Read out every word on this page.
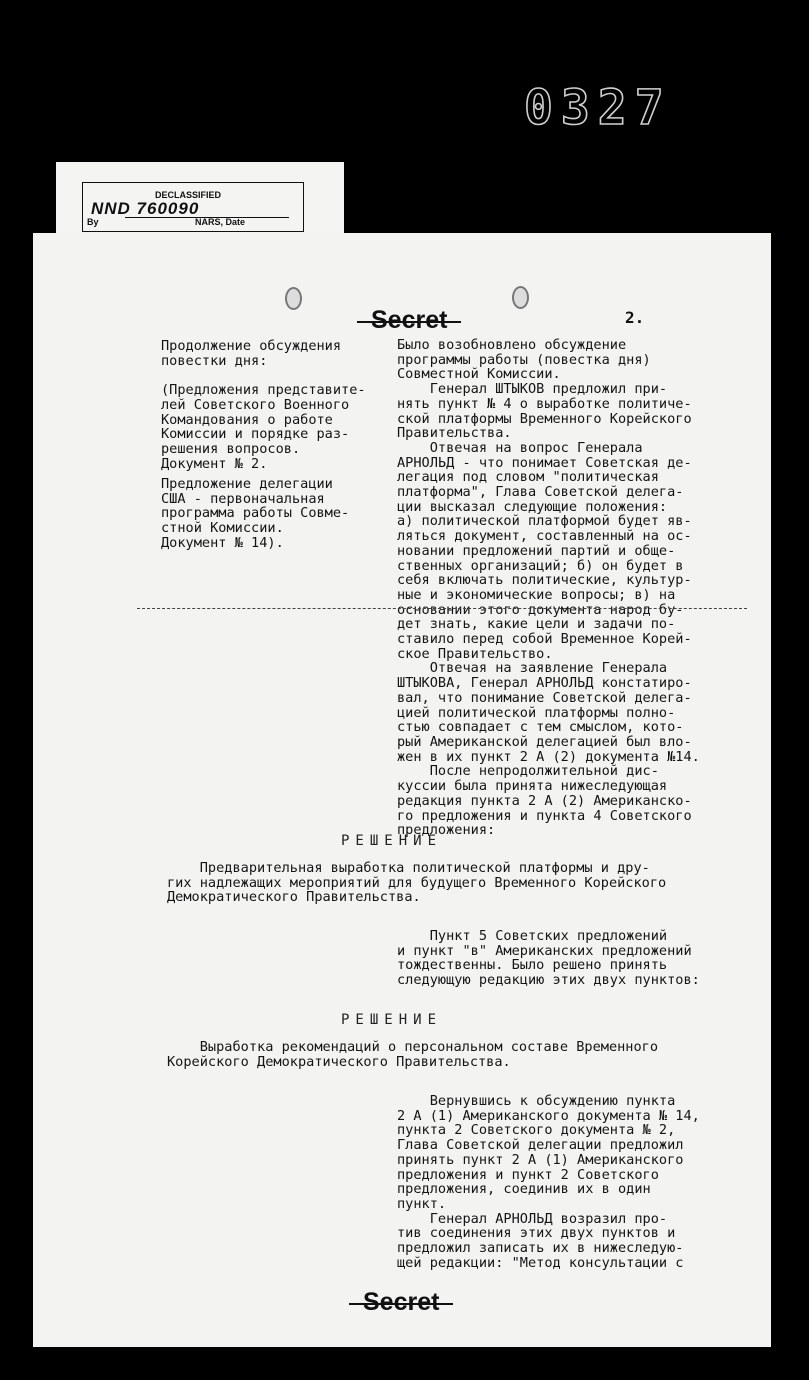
0327
DECLASSIFIED
NND 760090
By	NARS, Date
Secret	2.
Продолжение обсуждения
повестки дня:

(Предложения представите-
лей Советского Военного
Командования о работе
Комиссии и порядке раз-
решения вопросов.
Документ № 2.
Предложение делегации
США - первоначальная
программа работы Совме-
стной Комиссии.
Документ № 14).
Было возобновлено обсуждение
программы работы (повестка дня)
Совместной Комиссии.
Генерал ШТЫКОВ предложил при-
нять пункт № 4 о выработке политиче-
ской платформы Временного Корейского
Правительства.
Отвечая на вопрос Генерала
АРНОЛЬД - что понимает Советская де-
легация под словом "политическая
платформа", Глава Советской делега-
ции высказал следующие положения:
а) политической платформой будет яв-
ляться документ, составленный на ос-
новании предложений партий и обще-
ственных организаций; б) он будет в
себя включать политические, культур-
ные и экономические вопросы; в) на
основании этого документа народ бу-
дет знать, какие цели и задачи по-
ставило перед собой Временное Корей-
ское Правительство.
Отвечая на заявление Генерала
ШТЫКОВА, Генерал АРНОЛЬД констатиро-
вал, что понимание Советской делега-
цией политической платформы полно-
стью совпадает с тем смыслом, кото-
рый Американской делегацией был вло-
жен в их пункт 2 А (2) документа №14.
После непродолжительной дис-
куссии была принята нижеследующая
редакция пункта 2 А (2) Американско-
го предложения и пункта 4 Советского
предложения:
РЕШЕНИЕ
Предварительная выработка политической платформы и дру-
гих надлежащих мероприятий для будущего Временного Корейского
Демократического Правительства.
Пункт 5 Советских предложений
и пункт "в" Американских предложений
тождественны. Было решено принять
следующую редакцию этих двух пунктов:
РЕШЕНИЕ
Выработка рекомендаций о персональном составе Временного
Корейского Демократического Правительства.
Вернувшись к обсуждению пункта
2 А (1) Американского документа № 14,
пункта 2 Советского документа № 2,
Глава Советской делегации предложил
принять пункт 2 А (1) Американского
предложения и пункт 2 Советского
предложения, соединив их в один
пункт.
Генерал АРНОЛЬД возразил про-
тив соединения этих двух пунктов и
предложил записать их в нижеследую-
щей редакции: "Метод консультации с
Secret
